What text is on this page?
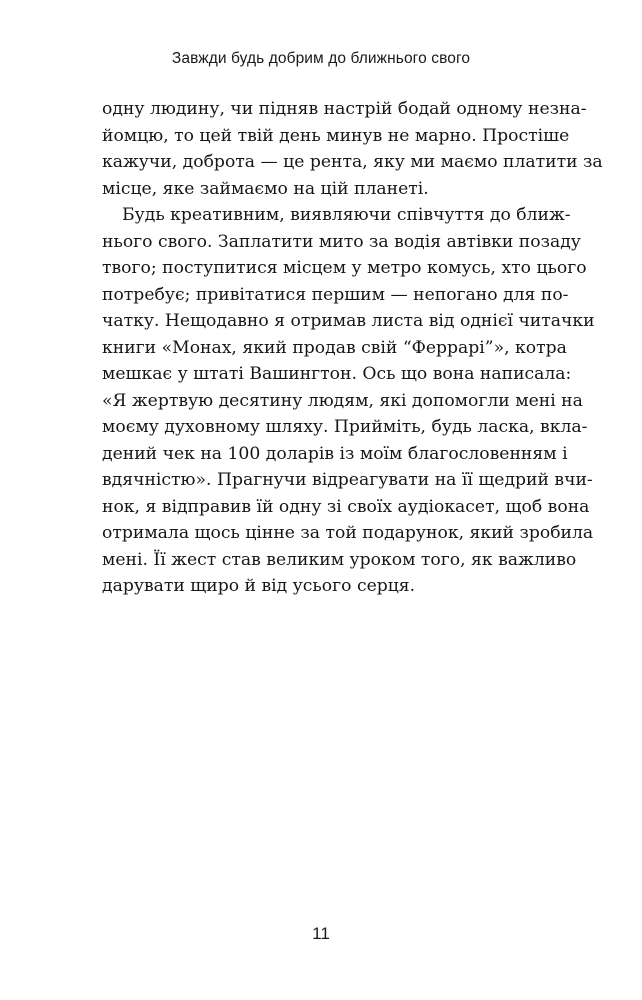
Завжди будь добрим до ближнього свого
одну людину, чи підняв настрій бодай одному незна-
йомцю, то цей твій день минув не марно. Простіше
кажучи, доброта — це рента, яку ми маємо платити за
місце, яке займаємо на цій планеті.
Будь креативним, виявляючи співчуття до ближ-
нього свого. Заплатити мито за водія автівки позаду
твого; поступитися місцем у метро комусь, хто цього
потребує; привітатися першим — непогано для по-
чатку. Нещодавно я отримав листа від однієї читачки
книги «Монах, який продав свій “Феррарі”», котра
мешкає у штаті Вашингтон. Ось що вона написала:
«Я жертвую десятину людям, які допомогли мені на
моєму духовному шляху. Прийміть, будь ласка, вкла-
дений чек на 100 доларів із моїм благословенням і
вдячністю». Прагнучи відреагувати на її щедрий вчи-
нок, я відправив їй одну зі своїх аудіокасет, щоб вона
отримала щось цінне за той подарунок, який зробила
мені. Її жест став великим уроком того, як важливо
дарувати щиро й від усього серця.
11
